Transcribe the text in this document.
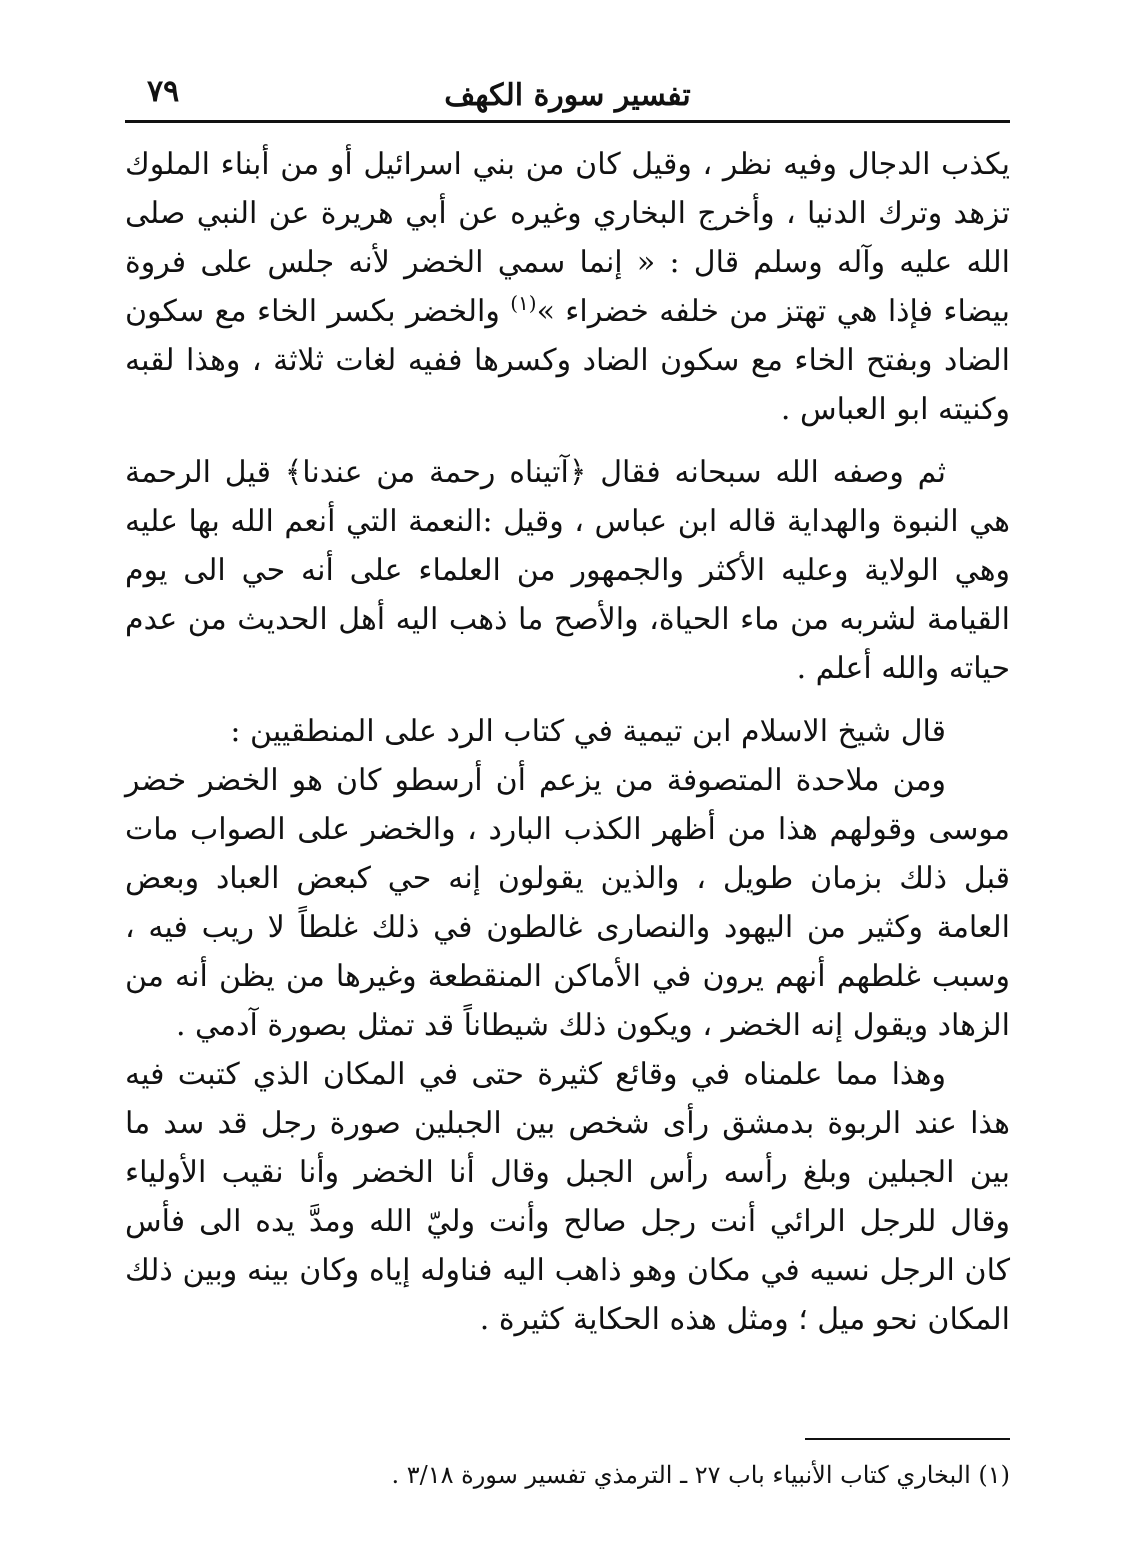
تفسير سورة الكهف
٧٩

يكذب الدجال وفيه نظر ، وقيل كان من بني اسرائيل أو من أبناء الملوك تزهد وترك الدنيا ، وأخرج البخاري وغيره عن أبي هريرة عن النبي صلى الله عليه وآله وسلم قال : « إنما سمي الخضر لأنه جلس على فروة بيضاء فإذا هي تهتز من خلفه خضراء »$^{(١)}$ والخضر بكسر الخاء مع سكون الضاد وبفتح الخاء مع سكون الضاد وكسرها ففيه لغات ثلاثة ، وهذا لقبه وكنيته ابو العباس .

ثم وصفه الله سبحانه فقال ﴿آتيناه رحمة من عندنا﴾ قيل الرحمة هي النبوة والهداية قاله ابن عباس ، وقيل :النعمة التي أنعم الله بها عليه وهي الولاية وعليه الأكثر والجمهور من العلماء على أنه حي الى يوم القيامة لشربه من ماء الحياة، والأصح ما ذهب اليه أهل الحديث من عدم حياته والله أعلم .

قال شيخ الاسلام ابن تيمية في كتاب الرد على المنطقيين :

ومن ملاحدة المتصوفة من يزعم أن أرسطو كان هو الخضر خضر موسى وقولهم هذا من أظهر الكذب البارد ، والخضر على الصواب مات قبل ذلك بزمان طويل ، والذين يقولون إنه حي كبعض العباد وبعض العامة وكثير من اليهود والنصارى غالطون في ذلك غلطاً لا ريب فيه ، وسبب غلطهم أنهم يرون في الأماكن المنقطعة وغيرها من يظن أنه من الزهاد ويقول إنه الخضر ، ويكون ذلك شيطاناً قد تمثل بصورة آدمي .

وهذا مما علمناه في وقائع كثيرة حتى في المكان الذي كتبت فيه هذا عند الربوة بدمشق رأى شخص بين الجبلين صورة رجل قد سد ما بين الجبلين وبلغ رأسه رأس الجبل وقال أنا الخضر وأنا نقيب الأولياء وقال للرجل الرائي أنت رجل صالح وأنت وليّ الله ومدَّ يده الى فأس كان الرجل نسيه في مكان وهو ذاهب اليه فناوله إياه وكان بينه وبين ذلك المكان نحو ميل ؛ ومثل هذه الحكاية كثيرة .

(١) البخاري كتاب الأنبياء باب ٢٧ ـ الترمذي تفسير سورة ٣/١٨ .
